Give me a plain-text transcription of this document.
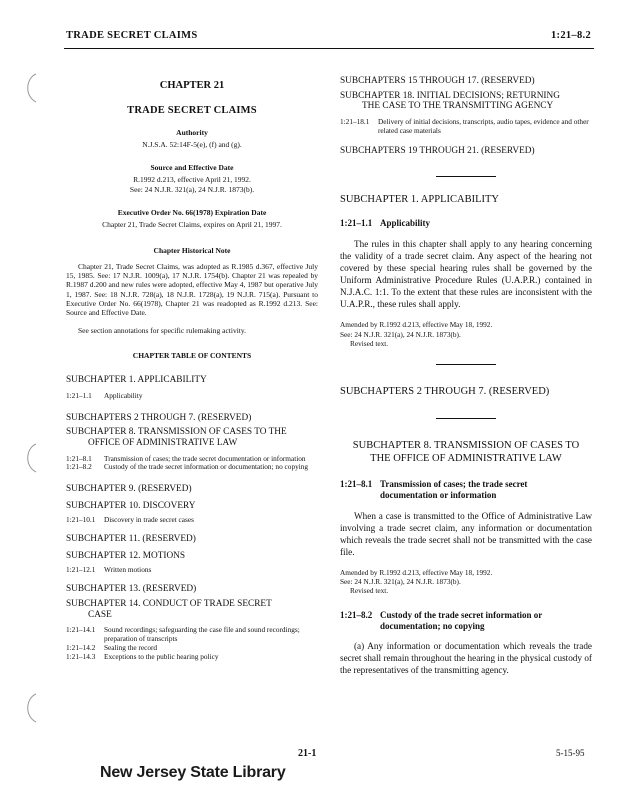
TRADE SECRET CLAIMS	1:21–8.2
CHAPTER 21
TRADE SECRET CLAIMS
Authority
N.J.S.A. 52:14F-5(e), (f) and (g).
Source and Effective Date
R.1992 d.213, effective April 21, 1992.
See: 24 N.J.R. 321(a), 24 N.J.R. 1873(b).
Executive Order No. 66(1978) Expiration Date
Chapter 21, Trade Secret Claims, expires on April 21, 1997.
Chapter Historical Note

Chapter 21, Trade Secret Claims, was adopted as R.1985 d.367, effective July 15, 1985. See: 17 N.J.R. 1009(a), 17 N.J.R. 1754(b). Chapter 21 was repealed by R.1987 d.200 and new rules were adopted, effective May 4, 1987 but operative July 1, 1987. See: 18 N.J.R. 728(a), 18 N.J.R. 1728(a), 19 N.J.R. 715(a). Pursuant to Executive Order No. 66(1978), Chapter 21 was readopted as R.1992 d.213. See: Source and Effective Date.

See section annotations for specific rulemaking activity.

CHAPTER TABLE OF CONTENTS

SUBCHAPTER 1. APPLICABILITY

1:21–1.1 Applicability

SUBCHAPTERS 2 THROUGH 7. (RESERVED)

SUBCHAPTER 8. TRANSMISSION OF CASES TO THE
OFFICE OF ADMINISTRATIVE LAW

1:21–8.1 Transmission of cases; the trade secret documentation or information

1:21–8.2 Custody of the trade secret information or documentation; no copying

SUBCHAPTER 9. (RESERVED)

SUBCHAPTER 10. DISCOVERY

1:21–10.1 Discovery in trade secret cases

SUBCHAPTER 11. (RESERVED)

SUBCHAPTER 12. MOTIONS

1:21–12.1 Written motions

SUBCHAPTER 13. (RESERVED)

SUBCHAPTER 14. CONDUCT OF TRADE SECRET
CASE

1:21–14.1 Sound recordings; safeguarding the case file and sound recordings; preparation of transcripts

1:21–14.2 Sealing the record

1:21–14.3 Exceptions to the public hearing policy

SUBCHAPTERS 15 THROUGH 17. (RESERVED)

SUBCHAPTER 18. INITIAL DECISIONS; RETURNING
THE CASE TO THE TRANSMITTING AGENCY

1:21–18.1 Delivery of initial decisions, transcripts, audio tapes, evidence and other related case materials

SUBCHAPTERS 19 THROUGH 21. (RESERVED)

SUBCHAPTER 1. APPLICABILITY

1:21–1.1 Applicability

The rules in this chapter shall apply to any hearing concerning the validity of a trade secret claim. Any aspect of the hearing not covered by these special hearing rules shall be governed by the Uniform Administrative Procedure Rules (U.A.P.R.) contained in N.J.A.C. 1:1. To the extent that these rules are inconsistent with the U.A.P.R., these rules shall apply.

Amended by R.1992 d.213, effective May 18, 1992.
See: 24 N.J.R. 321(a), 24 N.J.R. 1873(b).
Revised text.

SUBCHAPTERS 2 THROUGH 7. (RESERVED)

SUBCHAPTER 8. TRANSMISSION OF CASES TO
THE OFFICE OF ADMINISTRATIVE LAW

1:21–8.1 Transmission of cases; the trade secret
documentation or information

When a case is transmitted to the Office of Administrative Law involving a trade secret claim, any information or documentation which reveals the trade secret shall not be transmitted with the case file.

Amended by R.1992 d.213, effective May 18, 1992.
See: 24 N.J.R. 321(a), 24 N.J.R. 1873(b).
Revised text.

1:21–8.2 Custody of the trade secret information or
documentation; no copying

(a) Any information or documentation which reveals the trade secret shall remain throughout the hearing in the physical custody of the representatives of the transmitting agency.

21-1	5-15-95
New Jersey State Library
